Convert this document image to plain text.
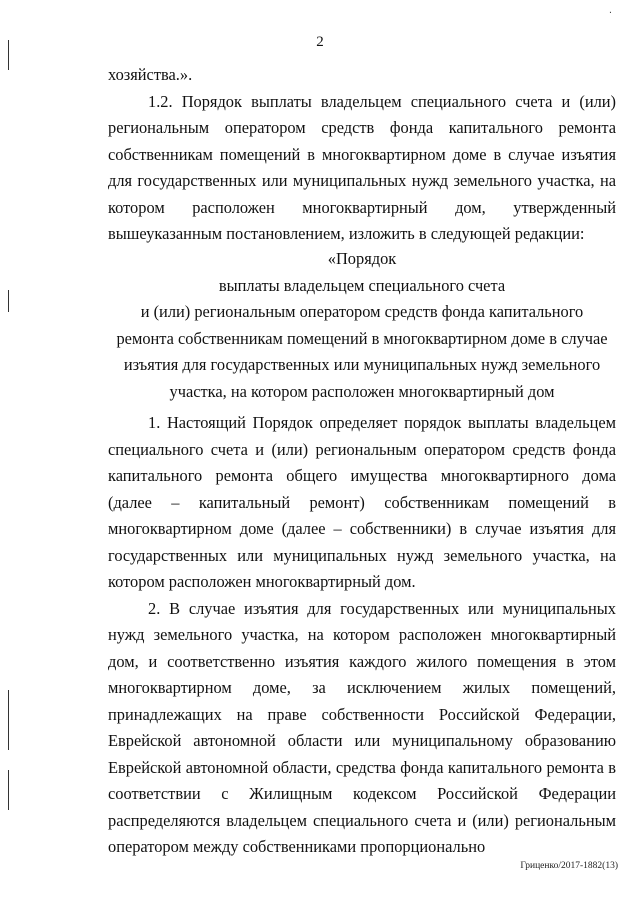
·
2

хозяйства.».

1.2. Порядок выплаты владельцем специального счета и (или) региональным оператором средств фонда капитального ремонта собственникам помещений в многоквартирном доме в случае изъятия для государственных или муниципальных нужд земельного участка, на котором расположен многоквартирный дом, утвержденный вышеуказанным постановлением, изложить в следующей редакции:

«Порядок
выплаты владельцем специального счета
и (или) региональным оператором средств фонда капитального
ремонта собственникам помещений в многоквартирном доме в случае
изъятия для государственных или муниципальных нужд земельного
участка, на котором расположен многоквартирный дом

1. Настоящий Порядок определяет порядок выплаты владельцем специального счета и (или) региональным оператором средств фонда капитального ремонта общего имущества многоквартирного дома (далее – капитальный ремонт) собственникам помещений в многоквартирном доме (далее – собственники) в случае изъятия для государственных или муниципальных нужд земельного участка, на котором расположен многоквартирный дом.

2. В случае изъятия для государственных или муниципальных нужд земельного участка, на котором расположен многоквартирный дом, и соответственно изъятия каждого жилого помещения в этом многоквартирном доме, за исключением жилых помещений, принадлежащих на праве собственности Российской Федерации, Еврейской автономной области или муниципальному образованию Еврейской автономной области, средства фонда капитального ремонта в соответствии с Жилищным кодексом Российской Федерации распределяются владельцем специального счета и (или) региональным оператором между собственниками пропорционально

Гриценко/2017-1882(13)
